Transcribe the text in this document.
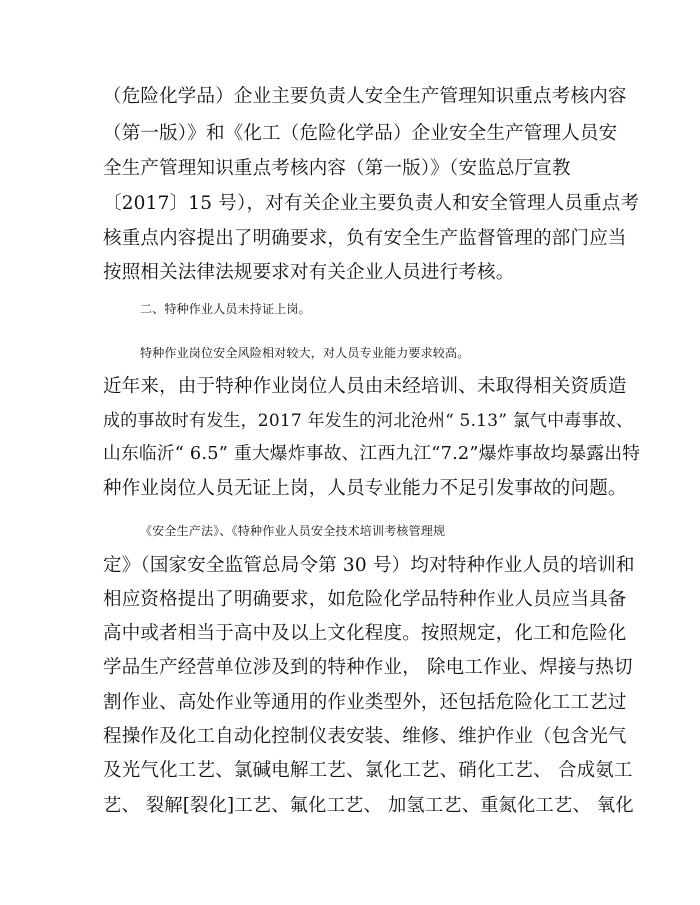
（危险化学品）企业主要负责人安全生产管理知识重点考核内容
（第一版）》和《化工（危险化学品）企业安全生产管理人员安
全生产管理知识重点考核内容（第一版）》（安监总厅宣教
〔2017〕15 号），对有关企业主要负责人和安全管理人员重点考
核重点内容提出了明确要求，负有安全生产监督管理的部门应当
按照相关法律法规要求对有关企业人员进行考核。
二、特种作业人员未持证上岗。
特种作业岗位安全风险相对较大，对人员专业能力要求较高。
近年来，由于特种作业岗位人员由未经培训、未取得相关资质造
成的事故时有发生，2017 年发生的河北沧州“ 5.13” 氯气中毒事故、
山东临沂“ 6.5” 重大爆炸事故、江西九江“7.2”爆炸事故均暴露出特
种作业岗位人员无证上岗，人员专业能力不足引发事故的问题。
《安全生产法》、《特种作业人员安全技术培训考核管理规
定》（国家安全监管总局令第 30 号）均对特种作业人员的培训和
相应资格提出了明确要求，如危险化学品特种作业人员应当具备
高中或者相当于高中及以上文化程度。按照规定，化工和危险化
学品生产经营单位涉及到的特种作业， 除电工作业、焊接与热切
割作业、高处作业等通用的作业类型外，还包括危险化工工艺过
程操作及化工自动化控制仪表安装、维修、维护作业（包含光气
及光气化工艺、氯碱电解工艺、氯化工艺、硝化工艺、 合成氨工
艺、 裂解[裂化]工艺、氟化工艺、 加氢工艺、重氮化工艺、 氧化
